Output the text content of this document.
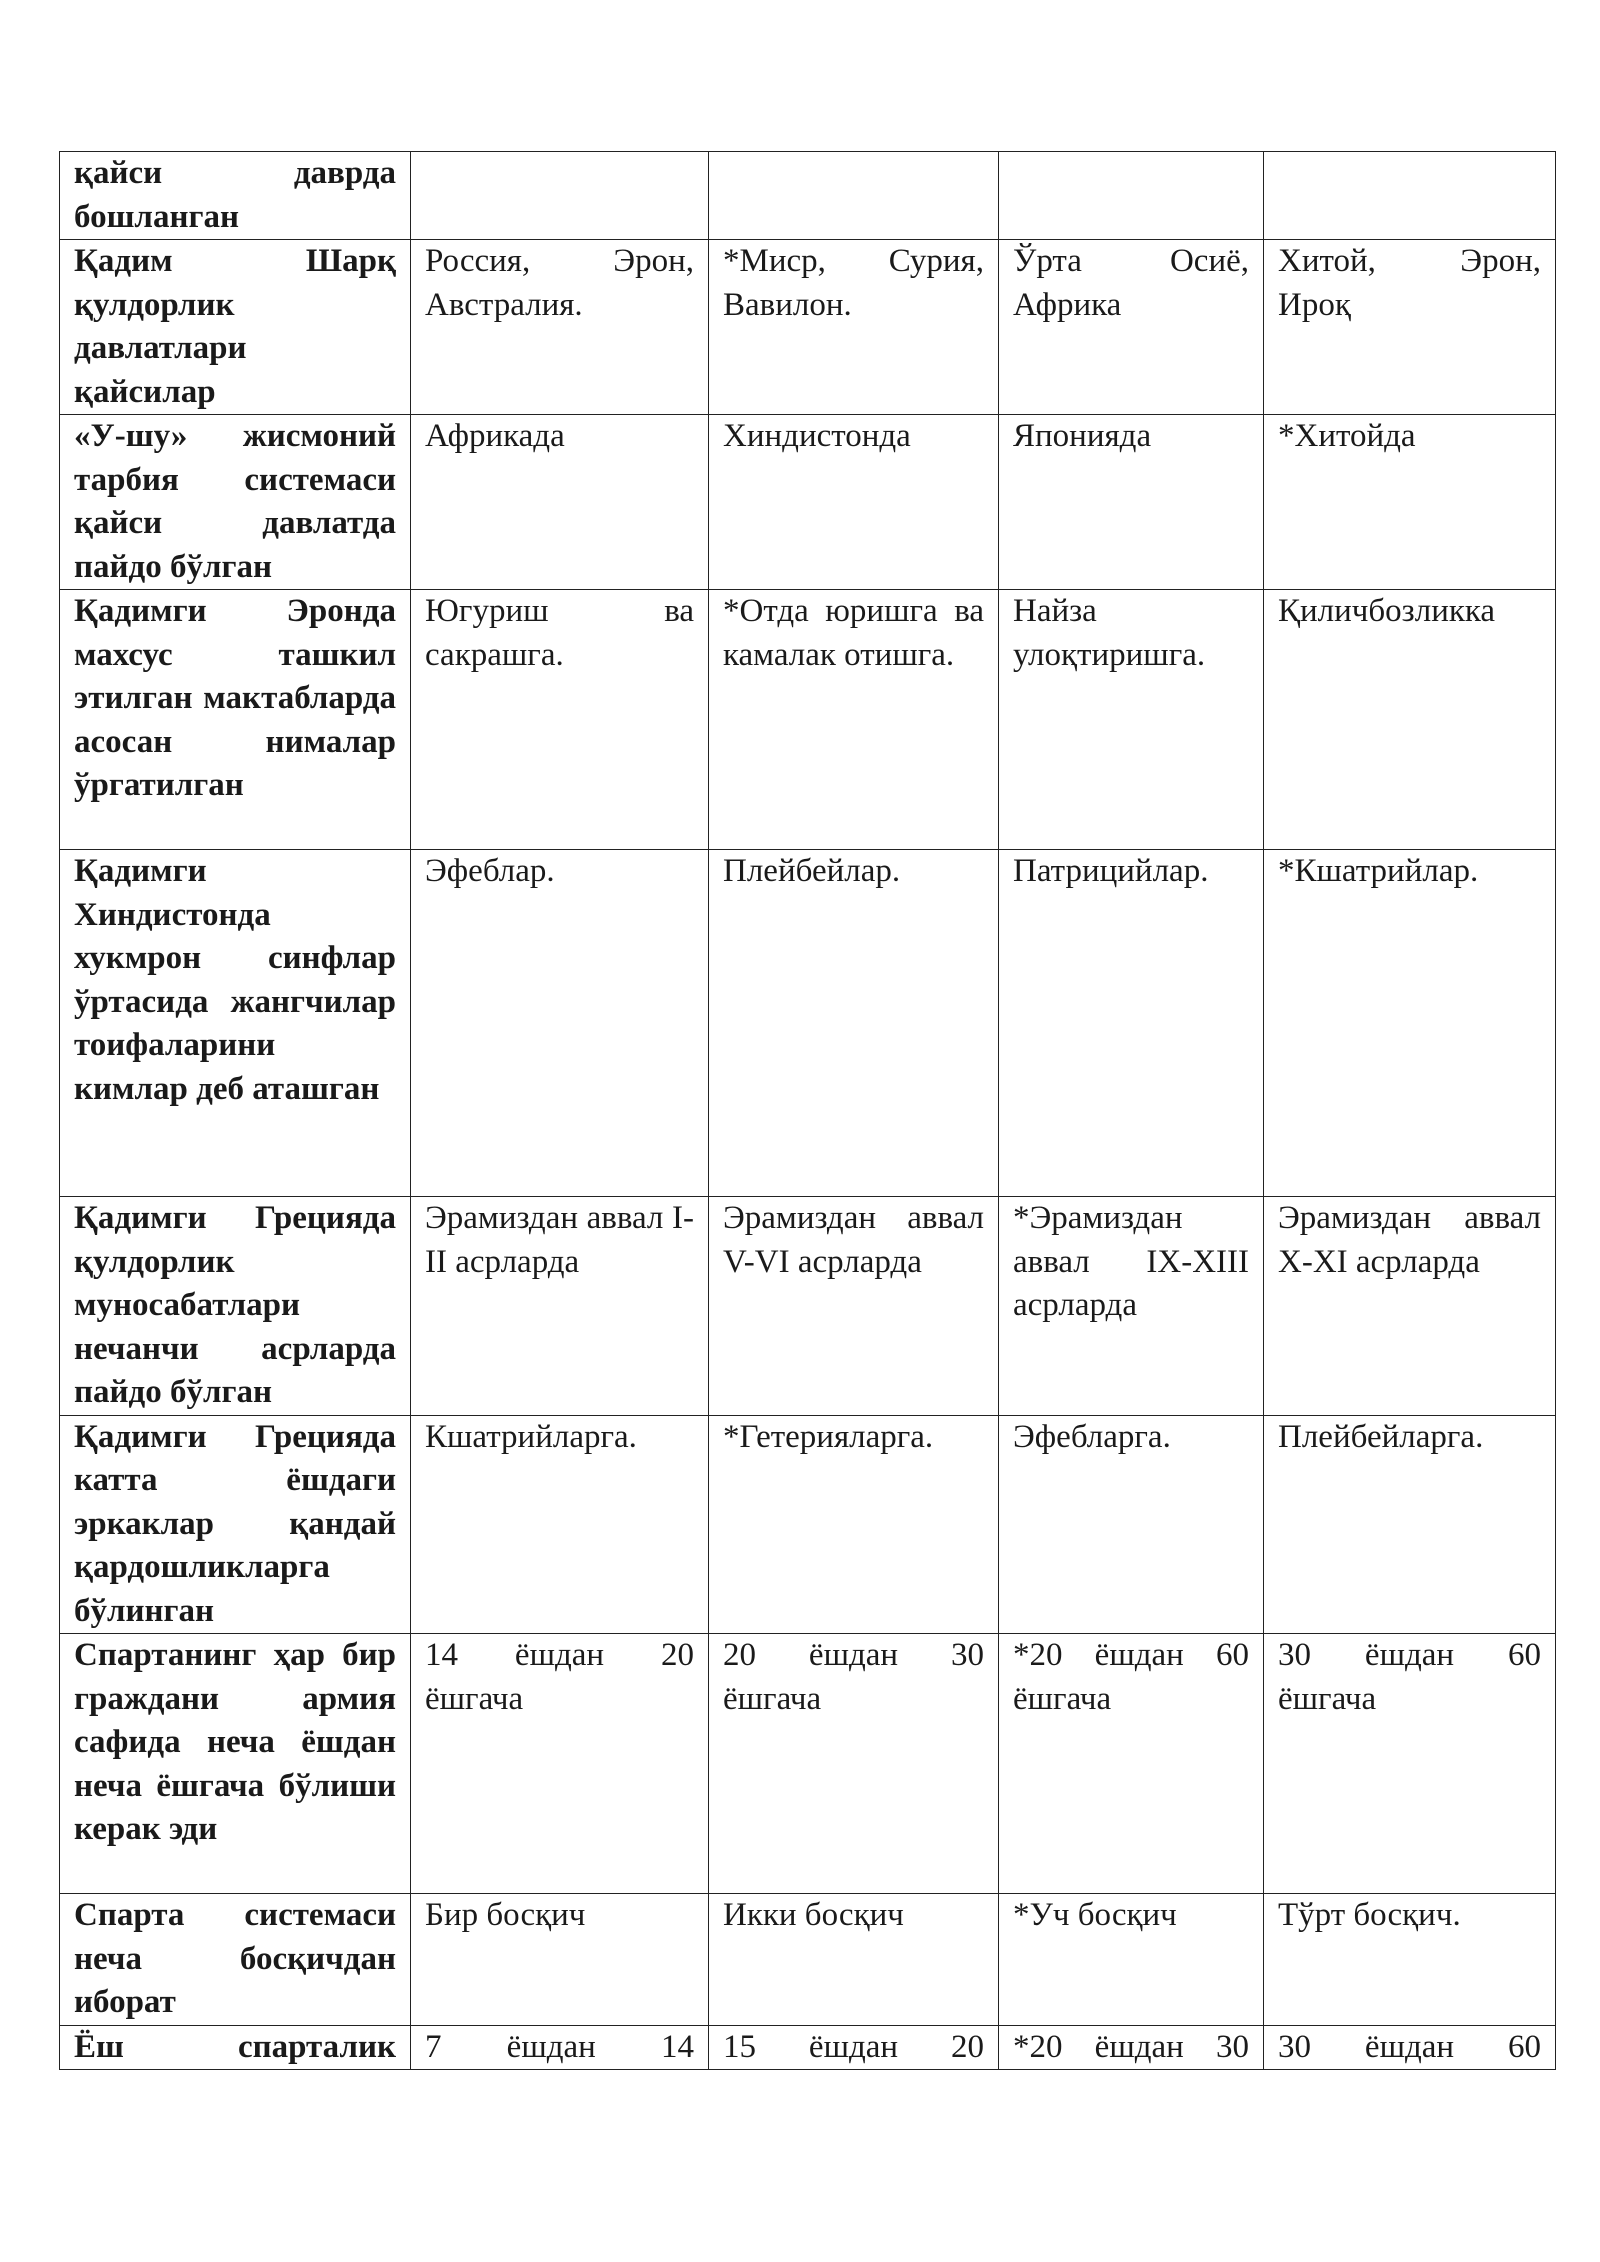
қайси даврда бошланган				
Қадим Шарқ қулдорлик давлатлари қайсилар	Россия, Эрон, Австралия.	*Миср, Сурия, Вавилон.	Ўрта Осиё, Африка	Хитой, Эрон, Ироқ
«У-шу» жисмоний тарбия системаси қайси давлатда пайдо бўлган	Африкада	Хиндистонда	Японияда	*Хитойда
Қадимги Эронда махсус ташкил этилган мактабларда асосан нималар ўргатилган	Югуриш ва сакрашга.	*Отда юришга ва камалак отишга.	Найза улоқтиришга.	Қиличбозликка
Қадимги Хиндистонда хукмрон синфлар ўртасида жангчилар тоифаларини кимлар деб аташган	Эфеблар.	Плейбейлар.	Патрицийлар.	*Кшатрийлар.
Қадимги Грецияда қулдорлик муносабатлари нечанчи асрларда пайдо бўлган	Эрамиздан аввал I-II асрларда	Эрамиздан аввал V-VI асрларда	*Эрамиздан аввал IX-XIII асрларда	Эрамиздан аввал X-XI асрларда
Қадимги Грецияда катта ёшдаги эркаклар қандай қардошликларга бўлинган	Кшатрийларга.	*Гетерияларга.	Эфебларга.	Плейбейларга.
Спартанинг ҳар бир граждани армия сафида неча ёшдан неча ёшгача бўлиши керак эди	14 ёшдан 20 ёшгача	20 ёшдан 30 ёшгача	*20 ёшдан 60 ёшгача	30 ёшдан 60 ёшгача
Спарта системаси неча босқичдан иборат	Бир босқич	Икки босқич	*Уч босқич	Тўрт босқич.
Ёш спарталик	7 ёшдан 14	15 ёшдан 20	*20 ёшдан 30	30 ёшдан 60
